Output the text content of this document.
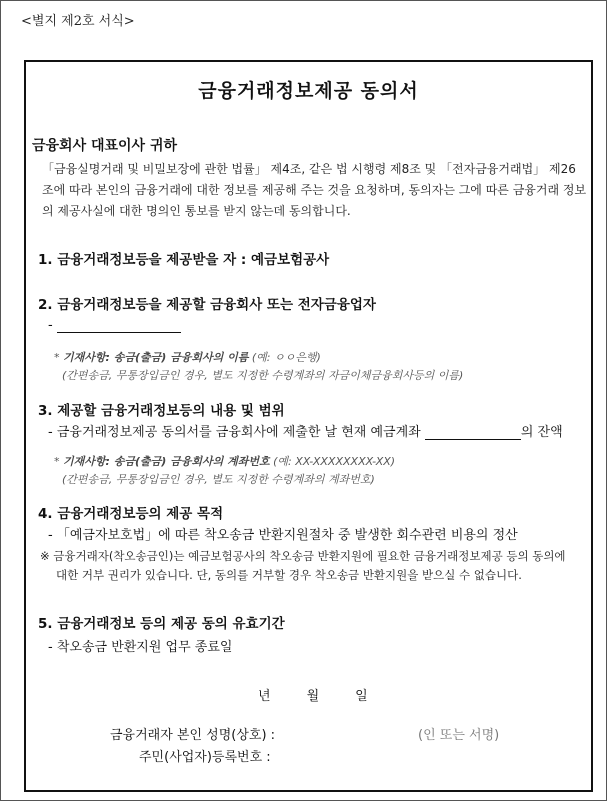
<별지 제2호 서식>
금융거래정보제공 동의서
금융회사 대표이사 귀하
「금융실명거래 및 비밀보장에 관한 법률」 제4조, 같은 법 시행령 제8조 및 「전자금융거래법」 제26조에 따라 본인의 금융거래에 대한 정보를 제공해 주는 것을 요청하며, 동의자는 그에 따른 금융거래 정보의 제공사실에 대한 명의인 통보를 받지 않는데 동의합니다.
1. 금융거래정보등을 제공받을 자 : 예금보험공사
2. 금융거래정보등을 제공할 금융회사 또는 전자금융업자
-
* 기재사항: 송금(출금) 금융회사의 이름 (예: ㅇㅇ은행)
(간편송금, 무통장입금인 경우, 별도 지정한 수령계좌의 자금이체금융회사등의 이름)
3. 제공할 금융거래정보등의 내용 및 범위
- 금융거래정보제공 동의서를 금융회사에 제출한 날 현재 예금계좌	의 잔액
* 기재사항: 송금(출금) 금융회사의 계좌번호 (예: XX-XXXXXXXX-XX)
(간편송금, 무통장입금인 경우, 별도 지정한 수령계좌의 계좌번호)
4. 금융거래정보등의 제공 목적
- 「예금자보호법」에 따른 착오송금 반환지원절차 중 발생한 회수관련 비용의 정산
※ 금융거래자(착오송금인)는 예금보험공사의 착오송금 반환지원에 필요한 금융거래정보제공 등의 동의에
대한 거부 권리가 있습니다. 단, 동의를 거부할 경우 착오송금 반환지원을 받으실 수 없습니다.
5. 금융거래정보 등의 제공 동의 유효기간
- 착오송금 반환지원 업무 종료일
년	월	일
금융거래자 본인 성명(상호) :	(인 또는 서명)
주민(사업자)등록번호 :
